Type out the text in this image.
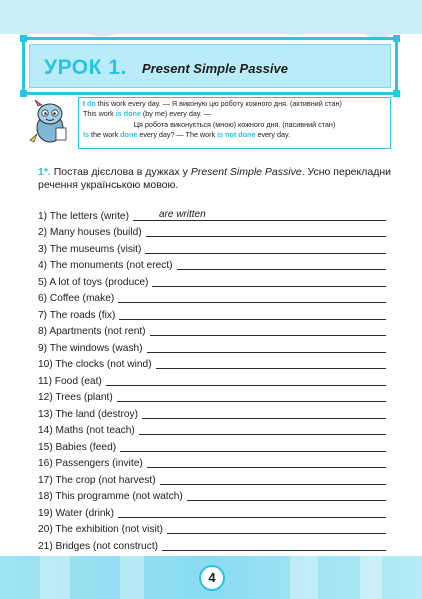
УРОК 1. Present Simple Passive
I do this work every day. — Я виконую цю роботу кожного дня. (активний стан)
This work is done (by me) every day. —
Ця робота виконується (мною) кожного дня. (пасивний стан)
Is the work done every day? — The work is not done every day.
1*. Постав дієслова в дужках у Present Simple Passive. Усно перекладни речення українською мовою.
1) The letters (write)	are written
2) Many houses (build)
3) The museums (visit)
4) The monuments (not erect)
5) A lot of toys (produce)
6) Coffee (make)
7) The roads (fix)
8) Apartments (not rent)
9) The windows (wash)
10) The clocks (not wind)
11) Food (eat)
12) Trees (plant)
13) The land (destroy)
14) Maths (not teach)
15) Babies (feed)
16) Passengers (invite)
17) The crop (not harvest)
18) This programme (not watch)
19) Water (drink)
20) The exhibition (not visit)
21) Bridges (not construct)
4
